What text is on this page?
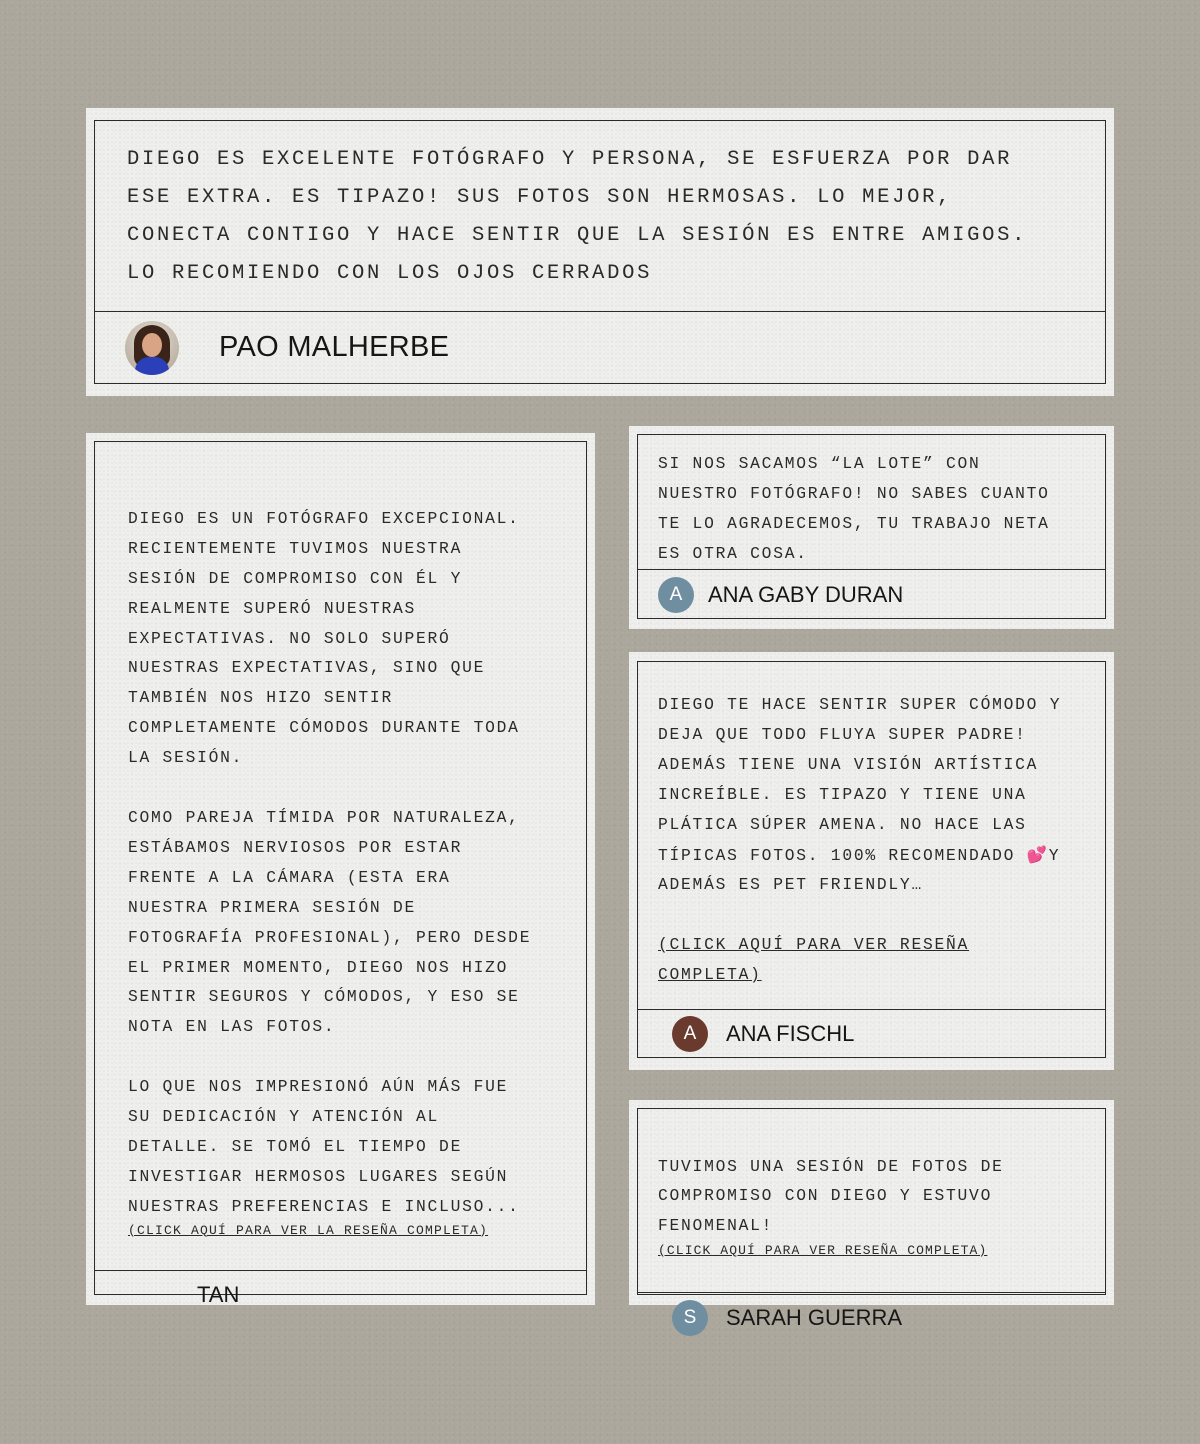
DIEGO ES EXCELENTE FOTÓGRAFO Y PERSONA, SE ESFUERZA POR DAR
ESE EXTRA. ES TIPAZO! SUS FOTOS SON HERMOSAS. LO MEJOR,
CONECTA CONTIGO Y HACE SENTIR QUE LA SESIÓN ES ENTRE AMIGOS.
LO RECOMIENDO CON LOS OJOS CERRADOS
PAO MALHERBE

DIEGO ES UN FOTÓGRAFO EXCEPCIONAL.
RECIENTEMENTE TUVIMOS NUESTRA
SESIÓN DE COMPROMISO CON ÉL Y
REALMENTE SUPERÓ NUESTRAS
EXPECTATIVAS. NO SOLO SUPERÓ
NUESTRAS EXPECTATIVAS, SINO QUE
TAMBIÉN NOS HIZO SENTIR
COMPLETAMENTE CÓMODOS DURANTE TODA
LA SESIÓN.

COMO PAREJA TÍMIDA POR NATURALEZA,
ESTÁBAMOS NERVIOSOS POR ESTAR
FRENTE A LA CÁMARA (ESTA ERA
NUESTRA PRIMERA SESIÓN DE
FOTOGRAFÍA PROFESIONAL), PERO DESDE
EL PRIMER MOMENTO, DIEGO NOS HIZO
SENTIR SEGUROS Y CÓMODOS, Y ESO SE
NOTA EN LAS FOTOS.

LO QUE NOS IMPRESIONÓ AÚN MÁS FUE
SU DEDICACIÓN Y ATENCIÓN AL
DETALLE. SE TOMÓ EL TIEMPO DE
INVESTIGAR HERMOSOS LUGARES SEGÚN
NUESTRAS PREFERENCIAS E INCLUSO...

(CLICK AQUÍ PARA VER LA RESEÑA COMPLETA)

TAN
SI NOS SACAMOS “LA LOTE” CON
NUESTRO FOTÓGRAFO! NO SABES CUANTO
TE LO AGRADECEMOS, TU TRABAJO NETA
ES OTRA COSA.
A	ANA GABY DURAN
DIEGO TE HACE SENTIR SUPER CÓMODO Y
DEJA QUE TODO FLUYA SUPER PADRE!
ADEMÁS TIENE UNA VISIÓN ARTÍSTICA
INCREÍBLE. ES TIPAZO Y TIENE UNA
PLÁTICA SÚPER AMENA. NO HACE LAS
TÍPICAS FOTOS. 100% RECOMENDADO 💕Y
ADEMÁS ES PET FRIENDLY…

(CLICK AQUÍ PARA VER RESEÑA
COMPLETA)
A	ANA FISCHL

TUVIMOS UNA SESIÓN DE FOTOS DE
COMPROMISO CON DIEGO Y ESTUVO
FENOMENAL!

(CLICK AQUÍ PARA VER RESEÑA COMPLETA)

S	SARAH GUERRA
